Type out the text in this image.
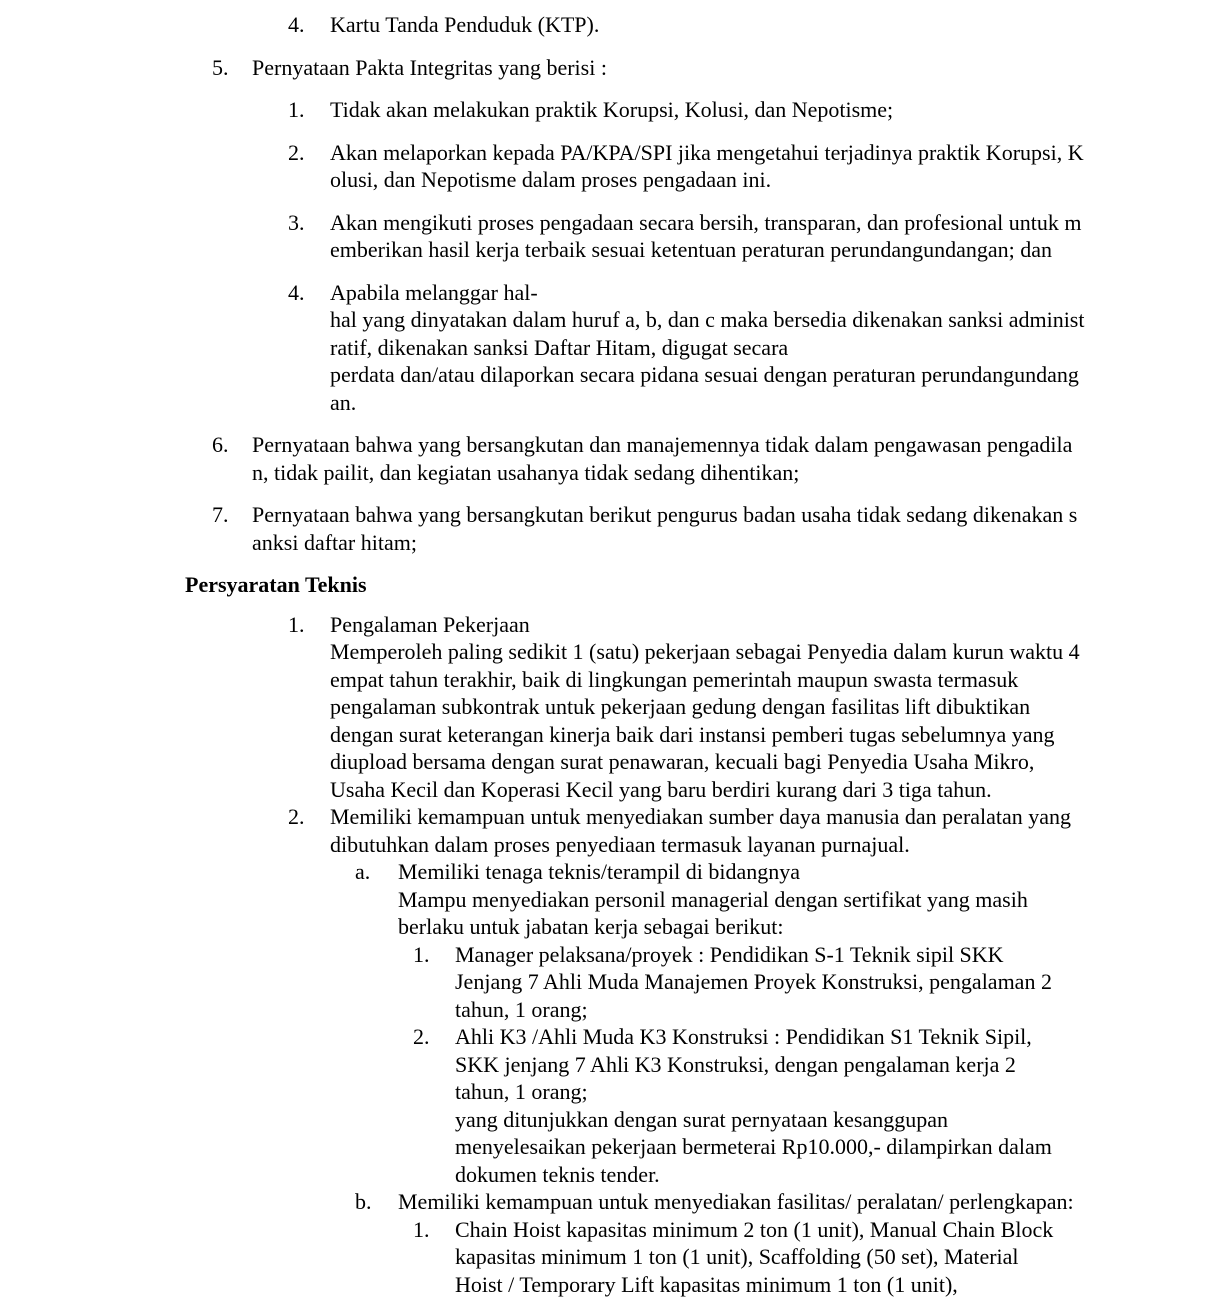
4.	Kartu Tanda Penduduk (KTP).
5.	Pernyataan Pakta Integritas yang berisi :
1.	Tidak akan melakukan praktik Korupsi, Kolusi, dan Nepotisme;
2.	Akan melaporkan kepada PA/KPA/SPI jika mengetahui terjadinya praktik Korupsi, K
olusi, dan Nepotisme dalam proses pengadaan ini.
3.	Akan mengikuti proses pengadaan secara bersih, transparan, dan profesional untuk m
emberikan hasil kerja terbaik sesuai ketentuan peraturan perundangundangan; dan
4.	Apabila melanggar hal-
hal yang dinyatakan dalam huruf a, b, dan c maka bersedia dikenakan sanksi administ
ratif, dikenakan sanksi Daftar Hitam, digugat secara
perdata dan/atau dilaporkan secara pidana sesuai dengan peraturan perundangundang
an.
6.	Pernyataan bahwa yang bersangkutan dan manajemennya tidak dalam pengawasan pengadila
n, tidak pailit, dan kegiatan usahanya tidak sedang dihentikan;
7.	Pernyataan bahwa yang bersangkutan berikut pengurus badan usaha tidak sedang dikenakan s
anksi daftar hitam;
Persyaratan Teknis
1.	Pengalaman Pekerjaan
Memperoleh paling sedikit 1 (satu) pekerjaan sebagai Penyedia dalam kurun waktu 4
empat tahun terakhir, baik di lingkungan pemerintah maupun swasta termasuk
pengalaman subkontrak untuk pekerjaan gedung dengan fasilitas lift dibuktikan
dengan surat keterangan kinerja baik dari instansi pemberi tugas sebelumnya yang
diupload bersama dengan surat penawaran, kecuali bagi Penyedia Usaha Mikro,
Usaha Kecil dan Koperasi Kecil yang baru berdiri kurang dari 3 tiga tahun.
2.	Memiliki kemampuan untuk menyediakan sumber daya manusia dan peralatan yang
dibutuhkan dalam proses penyediaan termasuk layanan purnajual.
a.	Memiliki tenaga teknis/terampil di bidangnya
Mampu menyediakan personil managerial dengan sertifikat yang masih
berlaku untuk jabatan kerja sebagai berikut:
1.	Manager pelaksana/proyek : Pendidikan S-1 Teknik sipil SKK
Jenjang 7 Ahli Muda Manajemen Proyek Konstruksi, pengalaman 2
tahun, 1 orang;
2.	Ahli K3 /Ahli Muda K3 Konstruksi : Pendidikan S1 Teknik Sipil,
SKK jenjang 7 Ahli K3 Konstruksi, dengan pengalaman kerja 2
tahun, 1 orang;
yang ditunjukkan dengan surat pernyataan kesanggupan
menyelesaikan pekerjaan bermeterai Rp10.000,- dilampirkan dalam
dokumen teknis tender.
b.	Memiliki kemampuan untuk menyediakan fasilitas/ peralatan/ perlengkapan:
1.	Chain Hoist kapasitas minimum 2 ton (1 unit), Manual Chain Block
kapasitas minimum 1 ton (1 unit), Scaffolding (50 set), Material
Hoist / Temporary Lift kapasitas minimum 1 ton (1 unit),
